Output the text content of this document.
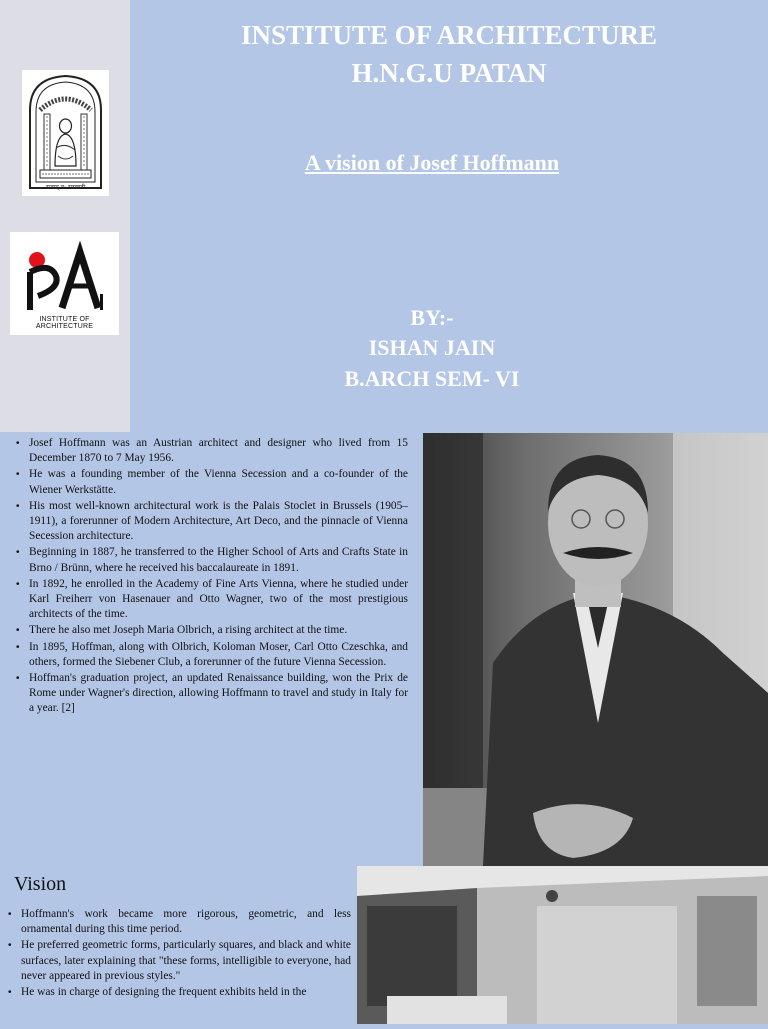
सत्यम् न: सरस्वती
INSTITUTE OF ARCHITECTURE
INSTITUTE OF ARCHITECTURE
H.N.G.U PATAN
A vision of Josef Hoffmann
BY:-
ISHAN JAIN
B.ARCH SEM- VI
• Josef Hoffmann was an Austrian architect and designer who lived from 15 December 1870 to 7 May 1956.
• He was a founding member of the Vienna Secession and a co-founder of the Wiener Werkstätte.
• His most well-known architectural work is the Palais Stoclet in Brussels (1905–1911), a forerunner of Modern Architecture, Art Deco, and the pinnacle of Vienna Secession architecture.
• Beginning in 1887, he transferred to the Higher School of Arts and Crafts State in Brno / Brünn, where he received his baccalaureate in 1891.
• In 1892, he enrolled in the Academy of Fine Arts Vienna, where he studied under Karl Freiherr von Hasenauer and Otto Wagner, two of the most prestigious architects of the time.
• There he also met Joseph Maria Olbrich, a rising architect at the time.
• In 1895, Hoffman, along with Olbrich, Koloman Moser, Carl Otto Czeschka, and others, formed the Siebener Club, a forerunner of the future Vienna Secession.
• Hoffman's graduation project, an updated Renaissance building, won the Prix de Rome under Wagner's direction, allowing Hoffmann to travel and study in Italy for a year. [2]
Vision
• Hoffmann's work became more rigorous, geometric, and less ornamental during this time period.
• He preferred geometric forms, particularly squares, and black and white surfaces, later explaining that "these forms, intelligible to everyone, had never appeared in previous styles."
• He was in charge of designing the frequent exhibits held in the
